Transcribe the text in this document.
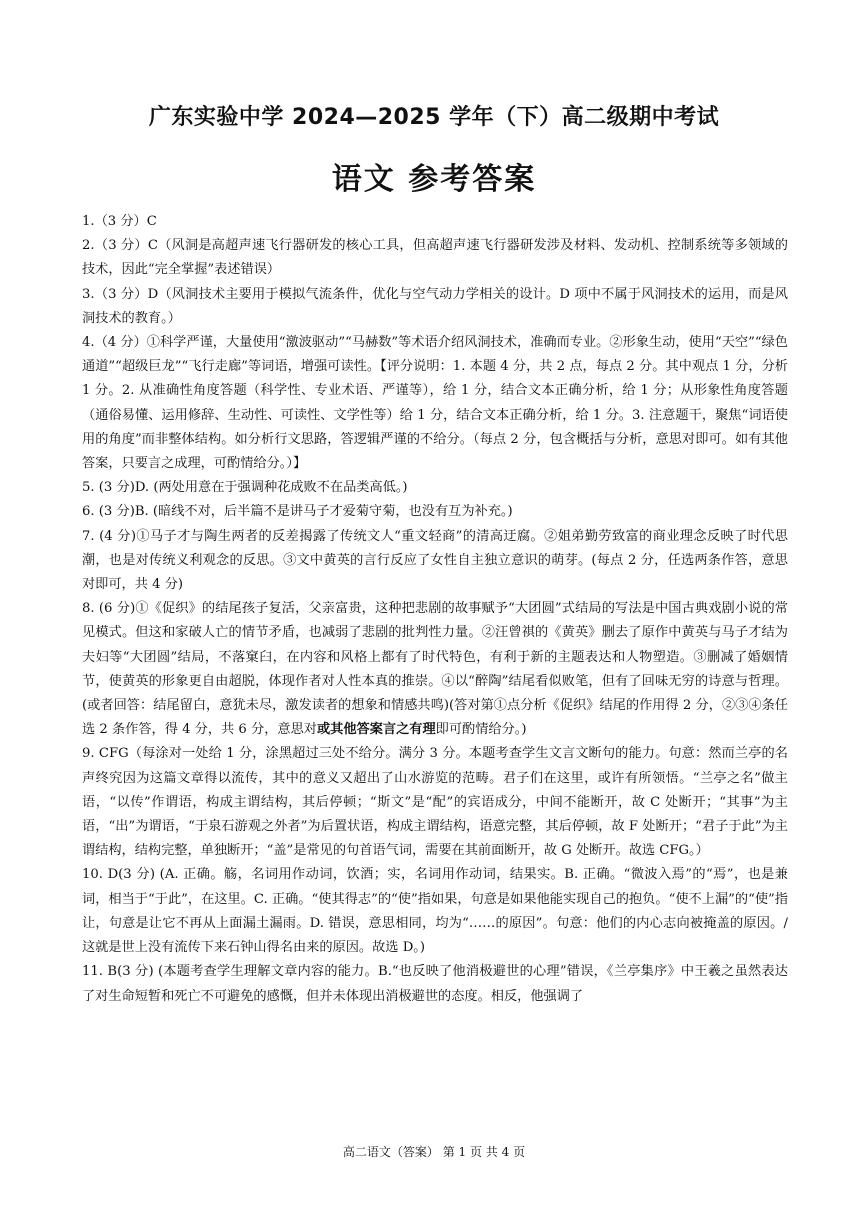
广东实验中学 2024—2025 学年（下）高二级期中考试
语文 参考答案

1.（3 分）C

2.（3 分）C（风洞是高超声速飞行器研发的核心工具，但高超声速飞行器研发涉及材料、发动机、控制系统等多领域的技术，因此“完全掌握”表述错误）

3.（3 分）D（风洞技术主要用于模拟气流条件，优化与空气动力学相关的设计。D 项中不属于风洞技术的运用，而是风洞技术的教育。）

4.（4 分）①科学严谨，大量使用“激波驱动”“马赫数”等术语介绍风洞技术，准确而专业。②形象生动，使用“天空”“绿色通道”“超级巨龙”“飞行走廊”等词语，增强可读性。【评分说明：1. 本题 4 分，共 2 点，每点 2 分。其中观点 1 分，分析 1 分。2. 从准确性角度答题（科学性、专业术语、严谨等），给 1 分，结合文本正确分析，给 1 分；从形象性角度答题（通俗易懂、运用修辞、生动性、可读性、文学性等）给 1 分，结合文本正确分析，给 1 分。3. 注意题干，聚焦“词语使用的角度”而非整体结构。如分析行文思路，答逻辑严谨的不给分。（每点 2 分，包含概括与分析，意思对即可。如有其他答案，只要言之成理，可酌情给分。）】

5. (3 分)D. (两处用意在于强调种花成败不在品类高低。)

6. (3 分)B. (暗线不对，后半篇不是讲马子才爱菊守菊，也没有互为补充。)

7. (4 分)①马子才与陶生两者的反差揭露了传统文人“重文轻商”的清高迂腐。②姐弟勤劳致富的商业理念反映了时代思潮，也是对传统义利观念的反思。③文中黄英的言行反应了女性自主独立意识的萌芽。(每点 2 分，任选两条作答，意思对即可，共 4 分)

8. (6 分)①《促织》的结尾孩子复活，父亲富贵，这种把悲剧的故事赋予“大团圆”式结局的写法是中国古典戏剧小说的常见模式。但这和家破人亡的情节矛盾，也减弱了悲剧的批判性力量。②汪曾祺的《黄英》删去了原作中黄英与马子才结为夫妇等“大团圆”结局，不落窠臼，在内容和风格上都有了时代特色，有利于新的主题表达和人物塑造。③删减了婚姻情节，使黄英的形象更自由超脱，体现作者对人性本真的推崇。④以“醉陶”结尾看似败笔，但有了回味无穷的诗意与哲理。(或者回答：结尾留白，意犹未尽，激发读者的想象和情感共鸣)(答对第①点分析《促织》结尾的作用得 2 分，②③④条任选 2 条作答，得 4 分，共 6 分，意思对或其他答案言之有理即可酌情给分。)

9. CFG（每涂对一处给 1 分，涂黑超过三处不给分。满分 3 分。本题考查学生文言文断句的能力。句意：然而兰亭的名声终究因为这篇文章得以流传，其中的意义又超出了山水游览的范畴。君子们在这里，或许有所领悟。“兰亭之名”做主语，“以传”作谓语，构成主谓结构，其后停顿；“斯文”是“配”的宾语成分，中间不能断开，故 C 处断开；“其事”为主语，“出”为谓语，“于泉石游观之外者”为后置状语，构成主谓结构，语意完整，其后停顿，故 F 处断开；“君子于此”为主谓结构，结构完整，单独断开；“盖”是常见的句首语气词，需要在其前面断开，故 G 处断开。故选 CFG。）

10. D(3 分) (A. 正确。觞，名词用作动词，饮酒；实，名词用作动词，结果实。B. 正确。“微波入焉”的“焉”，也是兼词，相当于“于此”，在这里。C. 正确。“使其得志”的“使”指如果，句意是如果他能实现自己的抱负。“使不上漏”的“使”指让，句意是让它不再从上面漏土漏雨。D. 错误，意思相同，均为“……的原因”。句意：他们的内心志向被掩盖的原因。/这就是世上没有流传下来石钟山得名由来的原因。故选 D。)

11. B(3 分) (本题考查学生理解文章内容的能力。B.“也反映了他消极避世的心理”错误，《兰亭集序》中王羲之虽然表达了对生命短暂和死亡不可避免的感慨，但并未体现出消极避世的态度。相反，他强调了

高二语文（答案） 第 1 页 共 4 页
